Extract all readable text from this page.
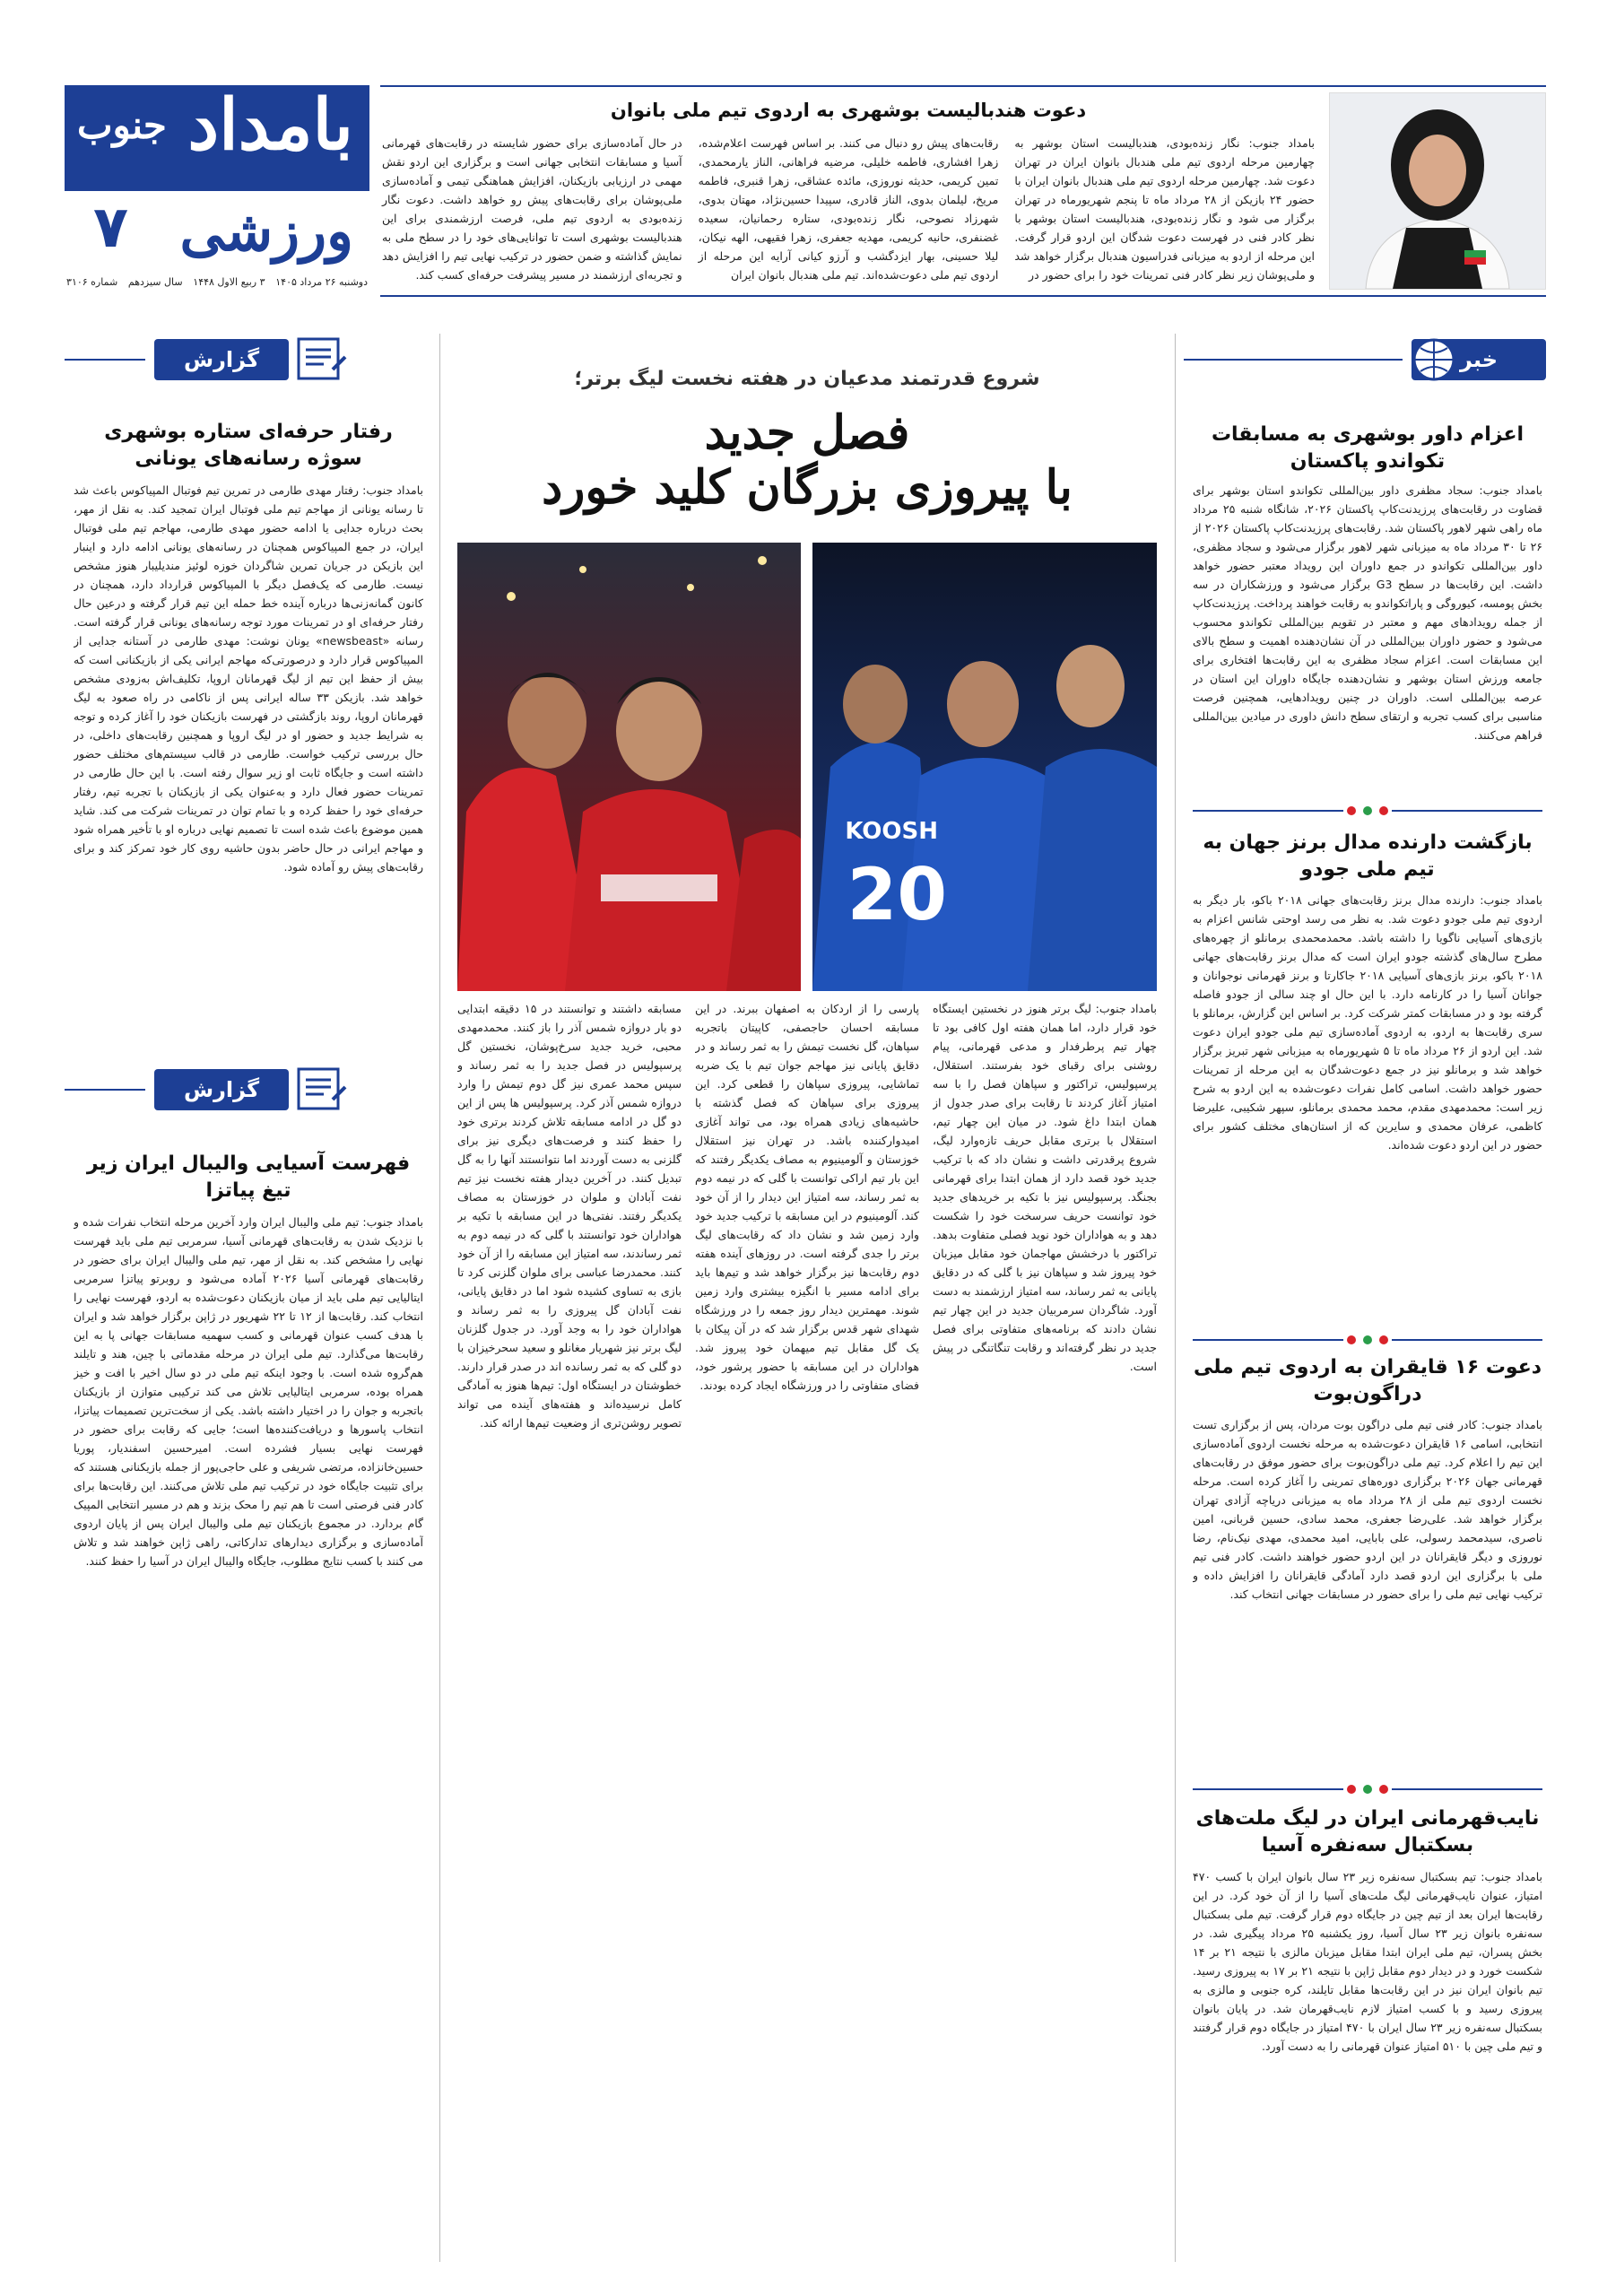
بامداد
جنوب
ورزشی
۷
دوشنبه ۲۶ مرداد ۱۴۰۵
۳ ربیع الاول ۱۴۴۸
سال سیزدهم
شماره ۳۱۰۶
دعوت هندبالیست بوشهری به اردوی تیم ملی بانوان

بامداد جنوب: نگار زنده‌بودی، هندبالیست استان بوشهر به چهارمین مرحله اردوی تیم ملی هندبال بانوان ایران در تهران دعوت شد. چهارمین مرحله اردوی تیم ملی هندبال بانوان ایران با حضور ۲۴ بازیکن از ۲۸ مرداد ماه تا پنجم شهریورماه در تهران برگزار می شود و نگار زنده‌بودی، هندبالیست استان بوشهر با نظر کادر فنی در فهرست دعوت شدگان این اردو قرار گرفت. این مرحله از اردو به میزبانی فدراسیون هندبال برگزار خواهد شد و ملی‌پوشان زیر نظر کادر فنی تمرینات خود را برای حضور در

رقابت‌های پیش رو دنبال می کنند. بر اساس فهرست اعلام‌شده، زهرا افشاری، فاطمه خلیلی، مرضیه فراهانی، الناز یارمحمدی، تمین کریمی، حدیثه نوروزی، مائده عشاقی، زهرا قنبری، فاطمه مریخ، لیلمان بدوی، الناز قادری، سپیدا حسین‌نژاد، مهتان بدوی، شهرزاد نصوحی، نگار زنده‌بودی، ستاره رحمانیان، سعیده غضنفری، حانیه کریمی، مهدیه جعفری، زهرا فقیهی، الهه نیکان، لیلا حسینی، بهار ایزدگشب و آرزو کیانی آرایه این مرحله از اردوی تیم ملی دعوت‌شده‌اند. تیم ملی هندبال بانوان ایران

در حال آماده‌سازی برای حضور شایسته در رقابت‌های قهرمانی آسیا و مسابقات انتخابی جهانی است و برگزاری این اردو نقش مهمی در ارزیابی بازیکنان، افزایش هماهنگی تیمی و آماده‌سازی ملی‌پوشان برای رقابت‌های پیش رو خواهد داشت. دعوت نگار زنده‌بودی به اردوی تیم ملی، فرصت ارزشمندی برای این هندبالیست بوشهری است تا توانایی‌های خود را در سطح ملی به نمایش گذاشته و ضمن حضور در ترکیب نهایی تیم را افزایش دهد و تجربه‌ای ارزشمند در مسیر پیشرفت حرفه‌ای کسب کند.

خبر
اعزام داور بوشهری به مسابقات تکواندو پاکستان

بامداد جنوب: سجاد مظفری داور بین‌المللی تکواندو استان بوشهر برای قضاوت در رقابت‌های پرزیدنت‌کاپ پاکستان ۲۰۲۶، شانگاه شنبه ۲۵ مرداد ماه راهی شهر لاهور پاکستان شد. رقابت‌های پرزیدنت‌کاپ پاکستان ۲۰۲۶ از ۲۶ تا ۳۰ مرداد ماه به میزبانی شهر لاهور برگزار می‌شود و سجاد مظفری، داور بین‌المللی تکواندو در جمع داوران این رویداد معتبر حضور خواهد داشت. این رقابت‌ها در سطح G3 برگزار می‌شود و ورزشکاران در سه بخش پومسه، کیوروگی و پاراتکواندو به رقابت خواهند پرداخت. پرزیدنت‌کاپ از جمله رویدادهای مهم و معتبر در تقویم بین‌المللی تکواندو محسوب می‌شود و حضور داوران بین‌المللی در آن نشان‌دهنده اهمیت و سطح بالای این مسابقات است. اعزام سجاد مظفری به این رقابت‌ها افتخاری برای جامعه ورزش استان بوشهر و نشان‌دهنده جایگاه داوران این استان در عرصه بین‌المللی است. داوران در چنین رویدادهایی، همچنین فرصت مناسبی برای کسب تجربه و ارتقای سطح دانش داوری در میادین بین‌المللی فراهم می‌کنند.

بازگشت دارنده مدال برنز جهان به تیم ملی جودو

بامداد جنوب: دارنده مدال برنز رقابت‌های جهانی ۲۰۱۸ باکو، بار دیگر به اردوی تیم ملی جودو دعوت شد. به نظر می رسد اوحتی شانس اعزام به بازی‌های آسیایی ناگویا را داشته باشد. محمدمحمدی برمانلو از چهره‌های مطرح سال‌های گذشته جودو ایران است که مدال برنز رقابت‌های جهانی ۲۰۱۸ باکو، برنز بازی‌های آسیایی ۲۰۱۸ جاکارتا و برنز قهرمانی نوجوانان و جوانان آسیا را در کارنامه دارد. با این حال او چند سالی از جودو فاصله گرفته بود و در مسابقات کمتر شرکت کرد. بر اساس این گزارش، برمانلو با سری رقابت‌ها به اردو، به اردوی آماده‌سازی تیم ملی جودو ایران دعوت شد. این اردو از ۲۶ مرداد ماه تا ۵ شهریورماه به میزبانی شهر تبریز برگزار خواهد شد و برمانلو نیز در جمع دعوت‌شدگان به این مرحله از تمرینات حضور خواهد داشت. اسامی کامل نفرات دعوت‌شده به این اردو به شرح زیر است: محمدمهدی مقدم، محمد محمدی برمانلو، سپهر شکیبی، علیرضا کاظمی، عرفان محمدی و سایرین که از استان‌های مختلف کشور برای حضور در این اردو دعوت شده‌اند.

دعوت ۱۶ قایقران به اردوی تیم ملی دراگون‌بوت

بامداد جنوب: کادر فنی تیم ملی دراگون بوت مردان، پس از برگزاری تست انتخابی، اسامی ۱۶ قایقران دعوت‌شده به مرحله نخست اردوی آماده‌سازی این تیم را اعلام کرد. تیم ملی دراگون‌بوت برای حضور موفق در رقابت‌های قهرمانی جهان ۲۰۲۶ برگزاری دوره‌های تمرینی را آغاز کرده است. مرحله نخست اردوی تیم ملی از ۲۸ مرداد ماه به میزبانی دریاچه آزادی تهران برگزار خواهد شد. علی‌رضا جعفری، محمد سادی، حسین قربانی، امین ناصری، سیدمحمد رسولی، علی بابایی، امید محمدی، مهدی نیک‌نام، رضا نوروزی و دیگر قایقرانان در این اردو حضور خواهند داشت. کادر فنی تیم ملی با برگزاری این اردو قصد دارد آمادگی قایقرانان را افزایش داده و ترکیب نهایی تیم ملی را برای حضور در مسابقات جهانی انتخاب کند.

نایب‌قهرمانی ایران در لیگ ملت‌های بسکتبال سه‌نفره آسیا

بامداد جنوب: تیم بسکتبال سه‌نفره زیر ۲۳ سال بانوان ایران با کسب ۴۷۰ امتیاز، عنوان نایب‌قهرمانی لیگ ملت‌های آسیا را از آن خود کرد. در این رقابت‌ها ایران بعد از تیم چین در جایگاه دوم قرار گرفت. تیم ملی بسکتبال سه‌نفره بانوان زیر ۲۳ سال آسیا، روز یکشنبه ۲۵ مرداد پیگیری شد. در بخش پسران، تیم ملی ایران ابتدا مقابل میزبان مالزی با نتیجه ۲۱ بر ۱۴ شکست خورد و در دیدار دوم مقابل ژاپن با نتیجه ۲۱ بر ۱۷ به پیروزی رسید. تیم بانوان ایران نیز در این رقابت‌ها مقابل تایلند، کره جنوبی و مالزی به پیروزی رسید و با کسب امتیاز لازم نایب‌قهرمان شد. در پایان بانوان بسکتبال سه‌نفره زیر ۲۳ سال ایران با ۴۷۰ امتیاز در جایگاه دوم قرار گرفتند و تیم ملی چین با ۵۱۰ امتیاز عنوان قهرمانی را به دست آورد.

شروع قدرتمند مدعیان در هفته نخست لیگ برتر؛
فصل جدید
با پیروزی بزرگان کلید خورد
KOOSH
20

بامداد جنوب: لیگ برتر هنوز در نخستین ایستگاه خود قرار دارد، اما همان هفته اول کافی بود تا چهار تیم پرطرفدار و مدعی قهرمانی، پیام روشنی برای رقبای خود بفرستند. استقلال، پرسپولیس، تراکتور و سپاهان فصل را با سه امتیاز آغاز کردند تا رقابت برای صدر جدول از همان ابتدا داغ شود. در میان این چهار تیم، استقلال با برتری مقابل حریف تازه‌وارد لیگ، شروع پرقدرتی داشت و نشان داد که با ترکیب جدید خود قصد دارد از همان ابتدا برای قهرمانی بجنگد. پرسپولیس نیز با تکیه بر خریدهای جدید خود توانست حریف سرسخت خود را شکست دهد و به هواداران خود نوید فصلی متفاوت بدهد. تراکتور با درخشش مهاجمان خود مقابل میزبان خود پیروز شد و سپاهان نیز با گلی که در دقایق پایانی به ثمر رساند، سه امتیاز ارزشمند به دست آورد. شاگردان سرمربیان جدید در این چهار تیم نشان دادند که برنامه‌های متفاوتی برای فصل جدید در نظر گرفته‌اند و رقابت تنگاتنگی در پیش است.

پارسی را از اردکان به اصفهان ببرند. در این مسابقه احسان حاجصفی، کاپیتان باتجربه سپاهان، گل نخست تیمش را به ثمر رساند و در دقایق پایانی نیز مهاجم جوان تیم با یک ضربه تماشایی، پیروزی سپاهان را قطعی کرد. این پیروزی برای سپاهان که فصل گذشته با حاشیه‌های زیادی همراه بود، می تواند آغازی امیدوارکننده باشد. در تهران نیز استقلال خوزستان و آلومینیوم به مصاف یکدیگر رفتند که این بار تیم اراکی توانست با گلی که در نیمه دوم به ثمر رساند، سه امتیاز این دیدار را از آن خود کند. آلومینیوم در این مسابقه با ترکیب جدید خود وارد زمین شد و نشان داد که رقابت‌های لیگ برتر را جدی گرفته است. در روزهای آینده هفته دوم رقابت‌ها نیز برگزار خواهد شد و تیم‌ها باید برای ادامه مسیر با انگیزه بیشتری وارد زمین شوند. مهمترین دیدار روز جمعه را در ورزشگاه شهدای شهر قدس برگزار شد که در آن پیکان با یک گل مقابل تیم میهمان خود پیروز شد. هواداران در این مسابقه با حضور پرشور خود، فضای متفاوتی را در ورزشگاه ایجاد کرده بودند.

مسابقه داشتند و توانستند در ۱۵ دقیقه ابتدایی دو بار دروازه شمس آذر را باز کنند. محمدمهدی محبی، خرید جدید سرخ‌پوشان، نخستین گل پرسپولیس در فصل جدید را به ثمر رساند و سپس محمد عمری نیز گل دوم تیمش را وارد دروازه شمس آذر کرد. پرسپولیس ها پس از این دو گل در ادامه مسابقه تلاش کردند برتری خود را حفظ کنند و فرصت‌های دیگری نیز برای گلزنی به دست آوردند اما نتوانستند آنها را به گل تبدیل کنند. در آخرین دیدار هفته نخست نیز تیم نفت آبادان و ملوان در خوزستان به مصاف یکدیگر رفتند. نفتی‌ها در این مسابقه با تکیه بر هواداران خود توانستند با گلی که در نیمه دوم به ثمر رساندند، سه امتیاز این مسابقه را از آن خود کنند. محمدرضا عباسی برای ملوان گلزنی کرد تا بازی به تساوی کشیده شود اما در دقایق پایانی، نفت آبادان گل پیروزی را به ثمر رساند و هواداران خود را به وجد آورد. در جدول گلزنان لیگ برتر نیز شهریار مغانلو و سعید سحرخیزان با دو گلی که به ثمر رسانده اند در صدر قرار دارند. خطوشتان در ایستگاه اول: تیم‌ها هنوز به آمادگی کامل نرسیده‌اند و هفته‌های آینده می تواند تصویر روشن‌تری از وضعیت تیم‌ها ارائه کند.

گزارش
رفتار حرفه‌ای ستاره بوشهری سوژه رسانه‌های یونانی

بامداد جنوب: رفتار مهدی طارمی در تمرین تیم فوتبال المپیاکوس باعث شد تا رسانه یونانی از مهاجم تیم ملی فوتبال ایران تمجید کند. به نقل از مهر، بحث درباره جدایی یا ادامه حضور مهدی طارمی، مهاجم تیم ملی فوتبال ایران، در جمع المپیاکوس همچنان در رسانه‌های یونانی ادامه دارد و اینبار این بازیکن در جریان تمرین شاگردان خوزه لوئیز مندیلیبار هنوز مشخص نیست. طارمی که یک‌فصل دیگر با المپیاکوس قرارداد دارد، همچنان در کانون گمانه‌زنی‌ها درباره آینده خط حمله این تیم قرار گرفته و درعین حال رفتار حرفه‌ای او در تمرینات مورد توجه رسانه‌های یونانی قرار گرفته است. رسانه «newsbeast» یونان نوشت: مهدی طارمی در آستانه جدایی از المپیاکوس قرار دارد و درصورتی‌که مهاجم ایرانی یکی از بازیکنانی است که بیش از حفظ این تیم از لیگ قهرمانان اروپا، تکلیف‌اش به‌زودی مشخص خواهد شد. بازیکن ۳۳ ساله ایرانی پس از ناکامی در راه صعود به لیگ قهرمانان اروپا، روند بازگشتی در فهرست بازیکنان خود را آغاز کرده و توجه به شرایط جدید و حضور او در لیگ اروپا و همچنین رقابت‌های داخلی، در حال بررسی ترکیب خواست. طارمی در قالب سیستم‌های مختلف حضور داشته است و جایگاه ثابت او زیر سوال رفته است. با این حال طارمی در تمرینات حضور فعال دارد و به‌عنوان یکی از بازیکنان با تجربه تیم، رفتار حرفه‌ای خود را حفظ کرده و با تمام توان در تمرینات شرکت می کند. شاید همین موضوع باعث شده است تا تصمیم نهایی درباره او با تأخیر همراه شود و مهاجم ایرانی در حال حاضر بدون حاشیه روی کار خود تمرکز کند و برای رقابت‌های پیش رو آماده شود.

گزارش
فهرست آسیایی والیبال ایران زیر تیغ پیاتزا

بامداد جنوب: تیم ملی والیبال ایران وارد آخرین مرحله انتخاب نفرات شده و با نزدیک شدن به رقابت‌های قهرمانی آسیا، سرمربی تیم ملی باید فهرست نهایی را مشخص کند. به نقل از مهر، تیم ملی والیبال ایران برای حضور در رقابت‌های قهرمانی آسیا ۲۰۲۶ آماده می‌شود و روبرتو پیاتزا سرمربی ایتالیایی تیم ملی باید از میان بازیکنان دعوت‌شده به اردو، فهرست نهایی را انتخاب کند. رقابت‌ها از ۱۲ تا ۲۲ شهریور در ژاپن برگزار خواهد شد و ایران با هدف کسب عنوان قهرمانی و کسب سهمیه مسابقات جهانی پا به این رقابت‌ها می‌گذارد. تیم ملی ایران در مرحله مقدماتی با چین، هند و تایلند هم‌گروه شده است. با وجود اینکه تیم ملی در دو سال اخیر با افت و خیز همراه بوده، سرمربی ایتالیایی تلاش می کند ترکیبی متوازن از بازیکنان باتجربه و جوان را در اختیار داشته باشد. یکی از سخت‌ترین تصمیمات پیاتزا، انتخاب پاسورها و دریافت‌کننده‌ها است؛ جایی که رقابت برای حضور در فهرست نهایی بسیار فشرده است. امیرحسین اسفندیار، پوریا حسین‌خانزاده، مرتضی شریفی و علی حاجی‌پور از جمله بازیکنانی هستند که برای تثبیت جایگاه خود در ترکیب تیم ملی تلاش می‌کنند. این رقابت‌ها برای کادر فنی فرصتی است تا هم تیم را محک بزند و هم در مسیر انتخابی المپیک گام بردارد. در مجموع بازیکنان تیم ملی والیبال ایران پس از پایان اردوی آماده‌سازی و برگزاری دیدارهای تدارکاتی، راهی ژاپن خواهند شد و تلاش می کنند با کسب نتایج مطلوب، جایگاه والیبال ایران در آسیا را حفظ کنند.
